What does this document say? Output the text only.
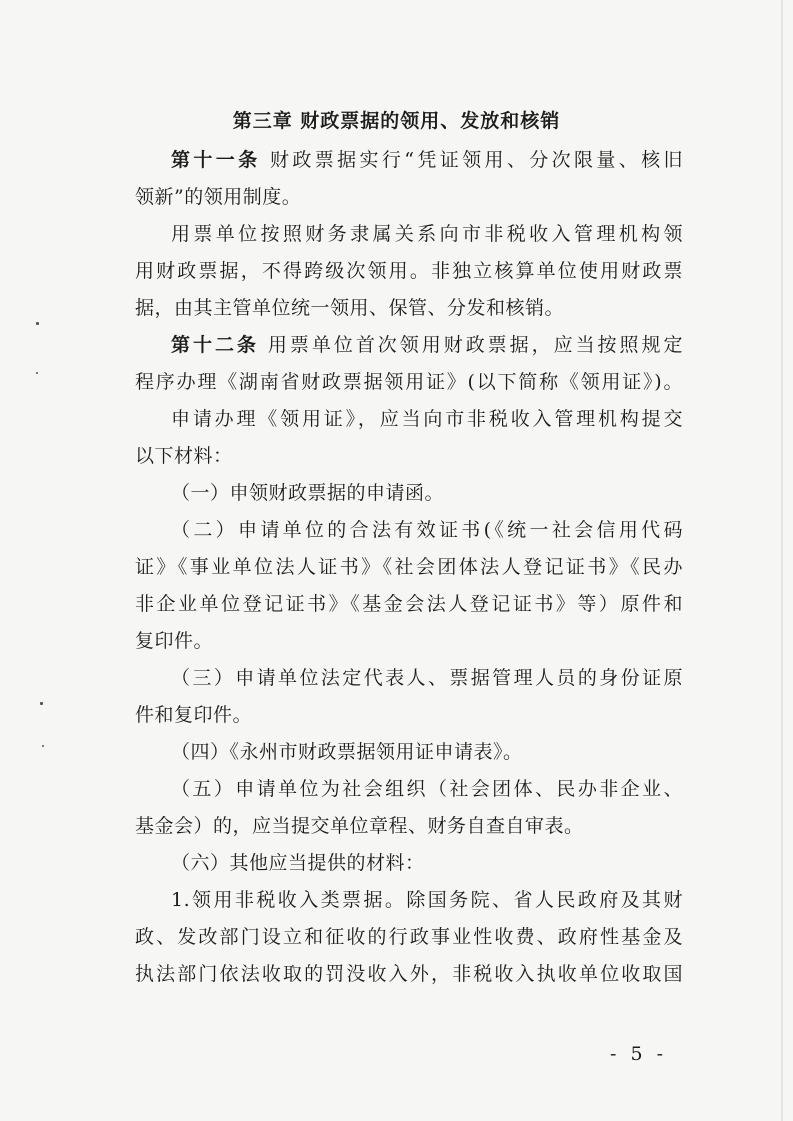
第三章 财政票据的领用、发放和核销
第十一条 财政票据实行“凭证领用、分次限量、核旧
领新”的领用制度。
用票单位按照财务隶属关系向市非税收入管理机构领
用财政票据，不得跨级次领用。非独立核算单位使用财政票
据，由其主管单位统一领用、保管、分发和核销。
第十二条 用票单位首次领用财政票据，应当按照规定
程序办理《湖南省财政票据领用证》(以下简称《领用证》)。
申请办理《领用证》，应当向市非税收入管理机构提交
以下材料：
（一）申领财政票据的申请函。
（二）申请单位的合法有效证书(《统一社会信用代码
证》《事业单位法人证书》《社会团体法人登记证书》《民办
非企业单位登记证书》《基金会法人登记证书》等）原件和
复印件。
（三）申请单位法定代表人、票据管理人员的身份证原
件和复印件。
（四）《永州市财政票据领用证申请表》。
（五）申请单位为社会组织（社会团体、民办非企业、
基金会）的，应当提交单位章程、财务自查自审表。
（六）其他应当提供的材料：
1.领用非税收入类票据。除国务院、省人民政府及其财
政、发改部门设立和征收的行政事业性收费、政府性基金及
执法部门依法收取的罚没收入外，非税收入执收单位收取国
- 5 -
